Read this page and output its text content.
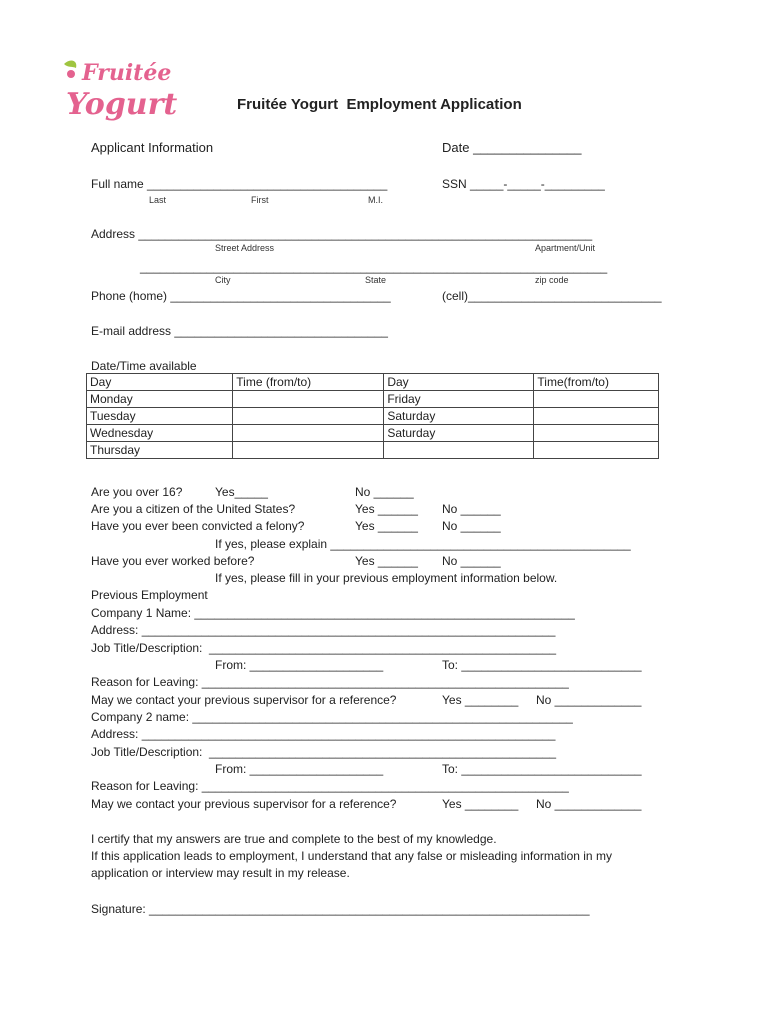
Fruitée
Yogurt	Fruitée Yogurt  Employment Application
Applicant Information	Date _______________
Full name ____________________________________	SSN _____-_____-_________
Last	First	M.I.
Address ____________________________________________________________________
Street Address	Apartment/Unit
______________________________________________________________________
City	State	zip code
Phone (home) _________________________________	(cell)_____________________________
E-mail address ________________________________
Date/Time available
Day	Time (from/to)	Day	Time(from/to)
Monday		Friday	
Tuesday		Saturday	
Wednesday		Saturday	
Thursday			
Are you over 16?	Yes_____	No ______
Are you a citizen of the United States?	Yes ______ No ______
Have you ever been convicted a felony?	Yes ______ No ______
If yes, please explain _____________________________________________
Have you ever worked before?	Yes ______ No ______
If yes, please fill in your previous employment information below.
Previous Employment
Company 1 Name: _________________________________________________________
Address: ______________________________________________________________
Job Title/Description:  ____________________________________________________
From: ____________________	To: ___________________________
Reason for Leaving: _______________________________________________________
May we contact your previous supervisor for a reference?	Yes ________ No _____________
Company 2 name: _________________________________________________________
Address: ______________________________________________________________
Job Title/Description:  ____________________________________________________
From: ____________________	To: ___________________________
Reason for Leaving: _______________________________________________________
May we contact your previous supervisor for a reference?	Yes ________ No _____________
I certify that my answers are true and complete to the best of my knowledge.
If this application leads to employment, I understand that any false or misleading information in my
application or interview may result in my release.
Signature: __________________________________________________________________
